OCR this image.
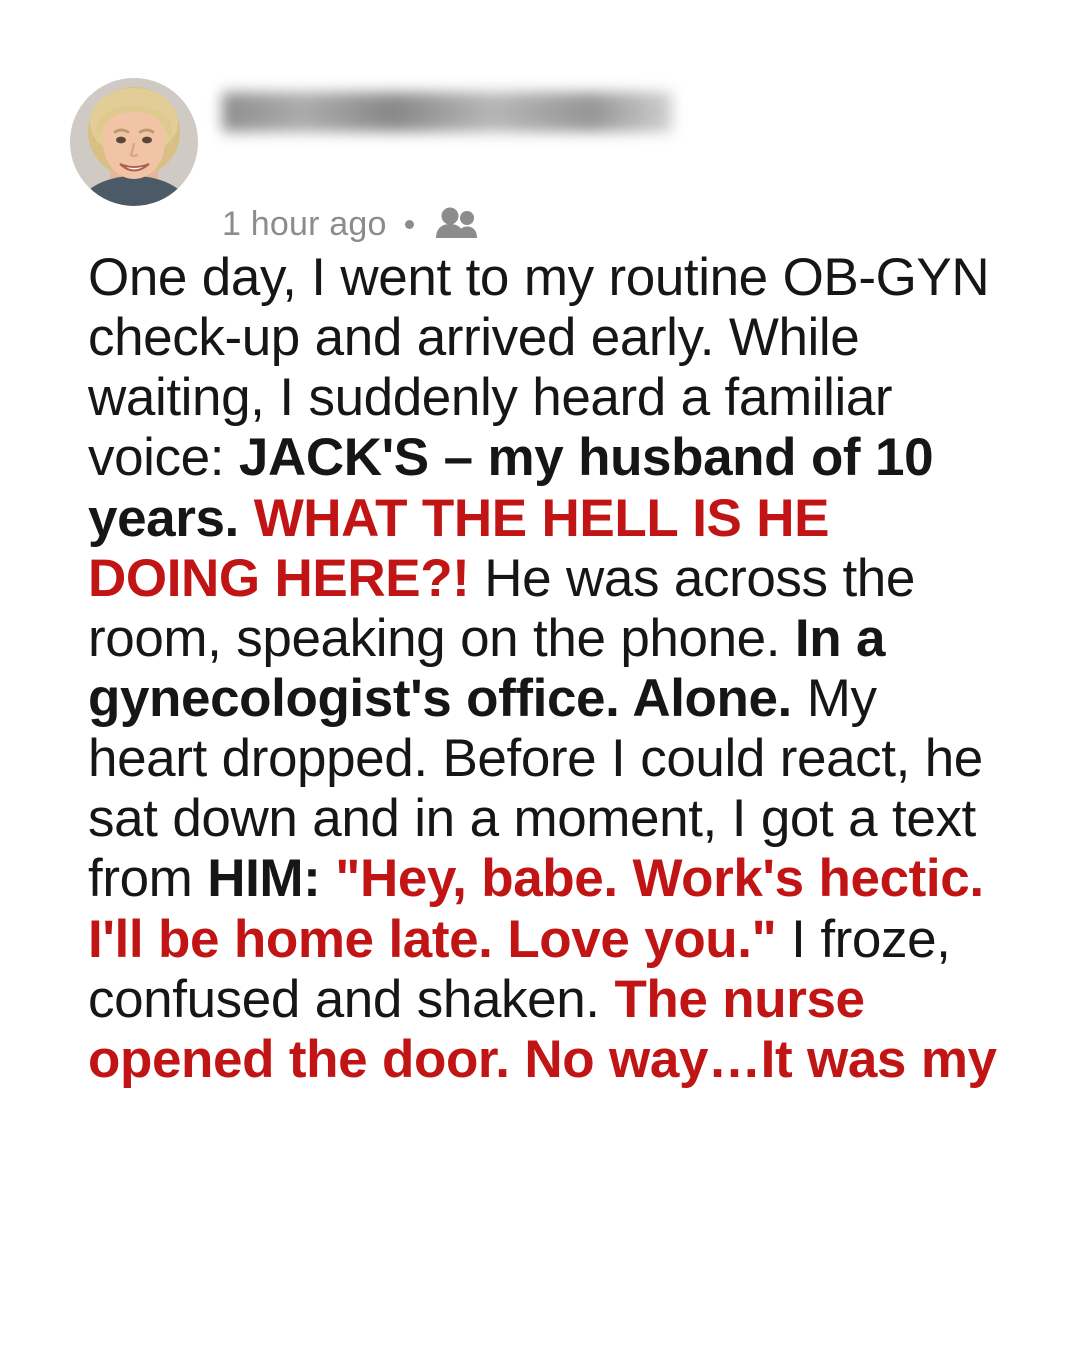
1 hour ago
One day, I went to my routine OB-GYN check-up and arrived early. While waiting, I suddenly heard a familiar voice: JACK'S – my husband of 10 years. WHAT THE HELL IS HE DOING HERE?! He was across the room, speaking on the phone. In a gynecologist's office. Alone. My heart dropped. Before I could react, he sat down and in a moment, I got a text from HIM: "Hey, babe. Work's hectic. I'll be home late. Love you." I froze, confused and shaken. The nurse opened the door. No way…It was my
